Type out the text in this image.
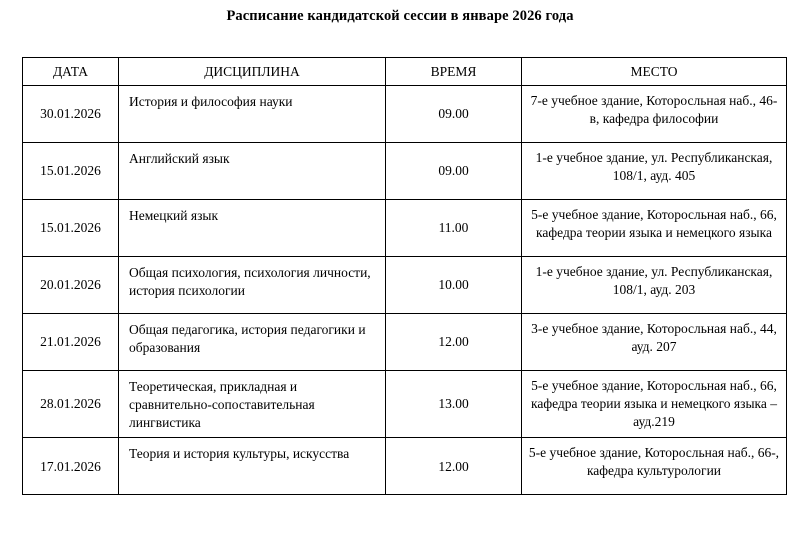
Расписание кандидатской сессии в январе 2026 года
ДАТА	ДИСЦИПЛИНА	ВРЕМЯ	МЕСТО
30.01.2026	История и философия науки	09.00	7-е учебное здание, Которосльная наб., 46-в, кафедра философии
15.01.2026	Английский язык	09.00	1-е учебное здание, ул. Республиканская, 108/1, ауд. 405
15.01.2026	Немецкий язык	11.00	5-е учебное здание, Которосльная наб., 66, кафедра теории языка и немецкого языка
20.01.2026	Общая психология, психология личности, история психологии	10.00	1-е учебное здание, ул. Республиканская, 108/1, ауд. 203
21.01.2026	Общая педагогика, история педагогики и образования	12.00	3-е учебное здание, Которосльная наб., 44, ауд. 207
28.01.2026	Теоретическая, прикладная и сравнительно-сопоставительная лингвистика	13.00	5-е учебное здание, Которосльная наб., 66, кафедра теории языка и немецкого языка – ауд.219
17.01.2026	Теория и история культуры, искусства	12.00	5-е учебное здание, Которосльная наб., 66-, кафедра культурологии
